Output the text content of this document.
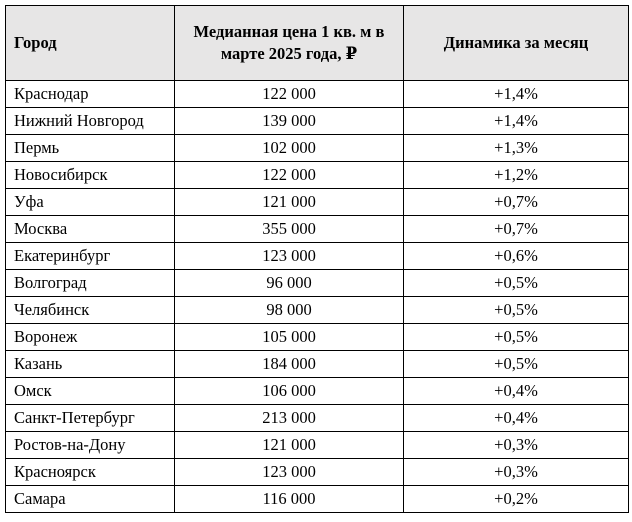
Город	Медианная цена 1 кв. м в марте 2025 года, ₽	Динамика за месяц
Краснодар	122 000	+1,4%
Нижний Новгород	139 000	+1,4%
Пермь	102 000	+1,3%
Новосибирск	122 000	+1,2%
Уфа	121 000	+0,7%
Москва	355 000	+0,7%
Екатеринбург	123 000	+0,6%
Волгоград	96 000	+0,5%
Челябинск	98 000	+0,5%
Воронеж	105 000	+0,5%
Казань	184 000	+0,5%
Омск	106 000	+0,4%
Санкт-Петербург	213 000	+0,4%
Ростов-на-Дону	121 000	+0,3%
Красноярск	123 000	+0,3%
Самара	116 000	+0,2%
